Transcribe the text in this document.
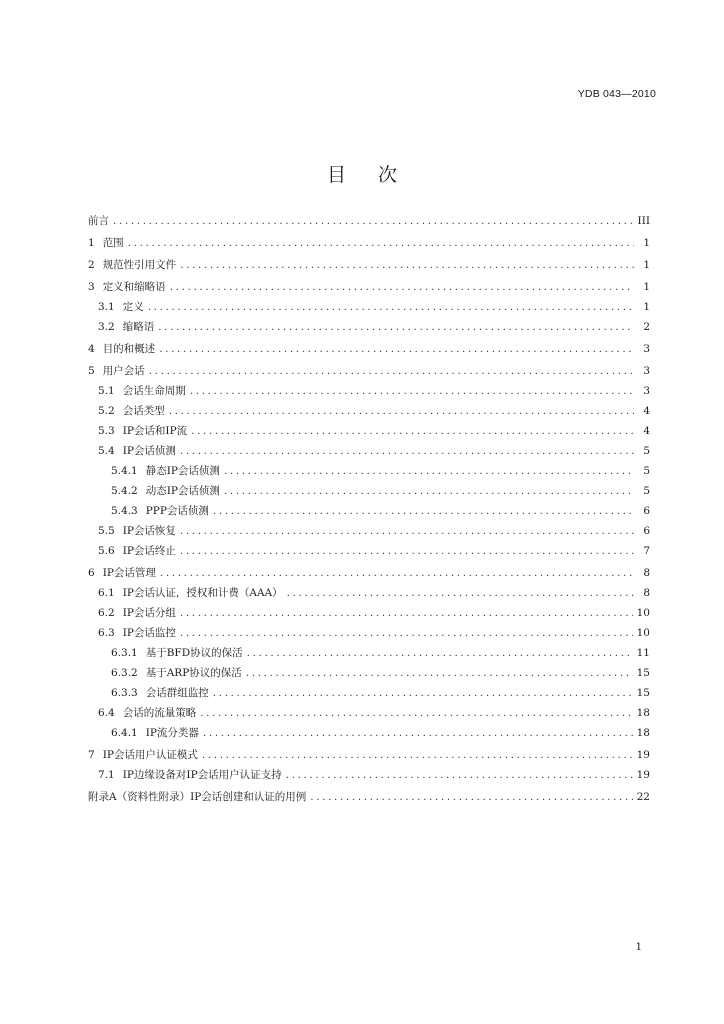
YDB 043—2010
目次
前言 .....	III
1 范围 .....	1
2 规范性引用文件 .....	1
3 定义和缩略语 .....	1
3.1 定义 .....	1
3.2 缩略语 .....	2
4 目的和概述 .....	3
5 用户会话 .....	3
5.1 会话生命周期 .....	3
5.2 会话类型 .....	4
5.3 IP会话和IP流 .....	4
5.4 IP会话侦测 .....	5
5.4.1 静态IP会话侦测 .....	5
5.4.2 动态IP会话侦测 .....	5
5.4.3 PPP会话侦测 .....	6
5.5 IP会话恢复 .....	6
5.6 IP会话终止 .....	7
6 IP会话管理 .....	8
6.1 IP会话认证，授权和计费（AAA） .....	8
6.2 IP会话分组 .....	10
6.3 IP会话监控 .....	10
6.3.1 基于BFD协议的保活 .....	11
6.3.2 基于ARP协议的保活 .....	15
6.3.3 会话群组监控 .....	15
6.4 会话的流量策略 .....	18
6.4.1 IP流分类器 .....	18
7 IP会话用户认证模式 .....	19
7.1 IP边缘设备对IP会话用户认证支持 .....	19
附录A（资料性附录）IP会话创建和认证的用例 .....	22
1
